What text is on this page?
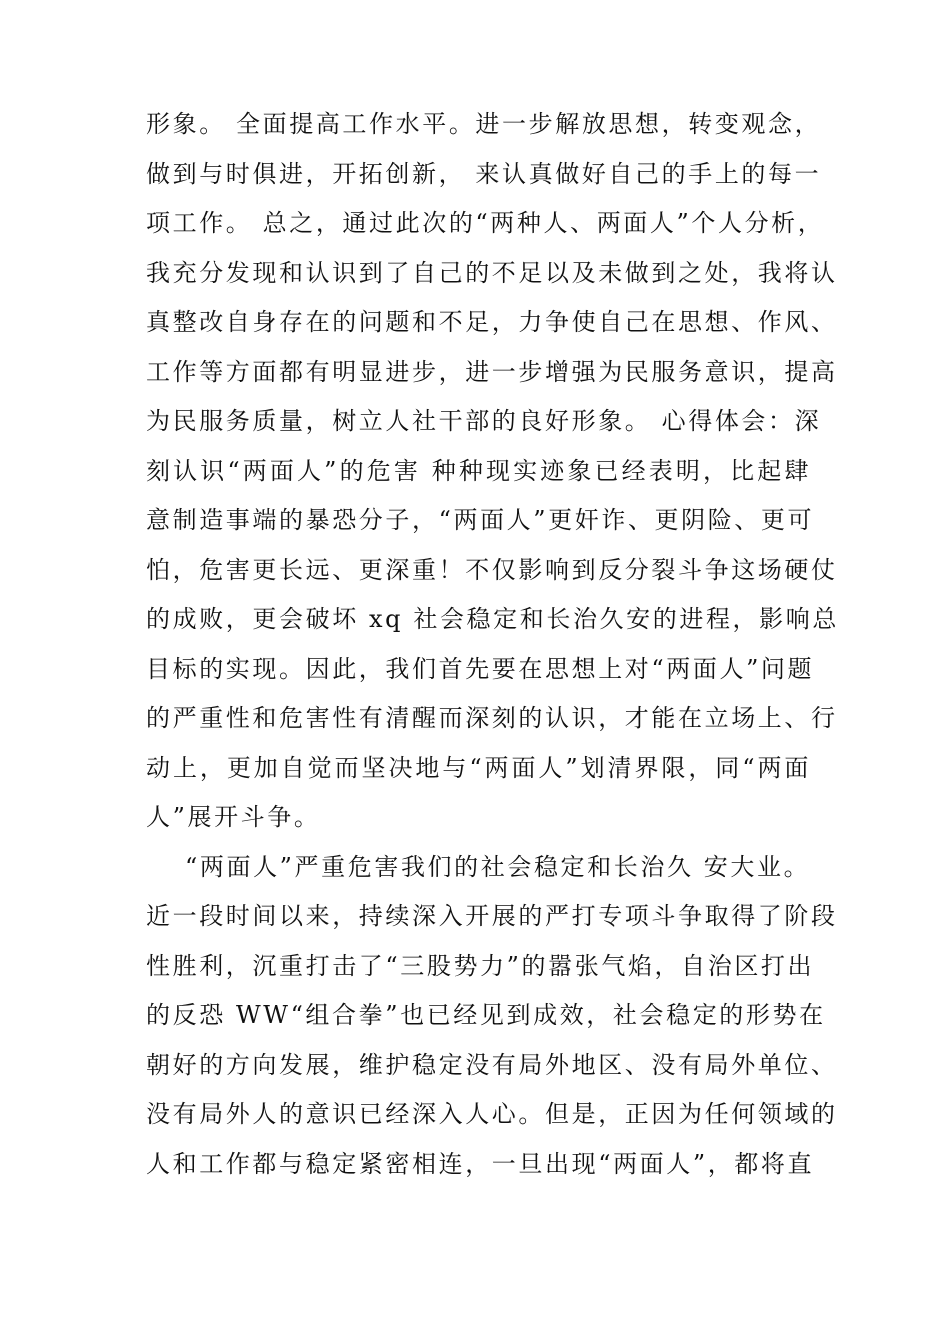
形象。 全面提高工作水平。进一步解放思想，转变观念，
做到与时俱进，开拓创新， 来认真做好自己的手上的每一
项工作。 总之，通过此次的“两种人、两面人”个人分析，
我充分发现和认识到了自己的不足以及未做到之处，我将认
真整改自身存在的问题和不足，力争使自己在思想、作风、
工作等方面都有明显进步，进一步增强为民服务意识，提高
为民服务质量，树立人社干部的良好形象。 心得体会：深
刻认识“两面人”的危害 种种现实迹象已经表明，比起肆
意制造事端的暴恐分子，“两面人”更奸诈、更阴险、更可
怕，危害更长远、更深重！不仅影响到反分裂斗争这场硬仗
的成败，更会破坏 xq 社会稳定和长治久安的进程，影响总
目标的实现。因此，我们首先要在思想上对“两面人”问题
的严重性和危害性有清醒而深刻的认识，才能在立场上、行
动上，更加自觉而坚决地与“两面人”划清界限，同“两面
人”展开斗争。
“两面人”严重危害我们的社会稳定和长治久 安大业。
近一段时间以来，持续深入开展的严打专项斗争取得了阶段
性胜利，沉重打击了“三股势力”的嚣张气焰，自治区打出
的反恐 WW“组合拳”也已经见到成效，社会稳定的形势在
朝好的方向发展，维护稳定没有局外地区、没有局外单位、
没有局外人的意识已经深入人心。但是，正因为任何领域的
人和工作都与稳定紧密相连，一旦出现“两面人”，都将直
